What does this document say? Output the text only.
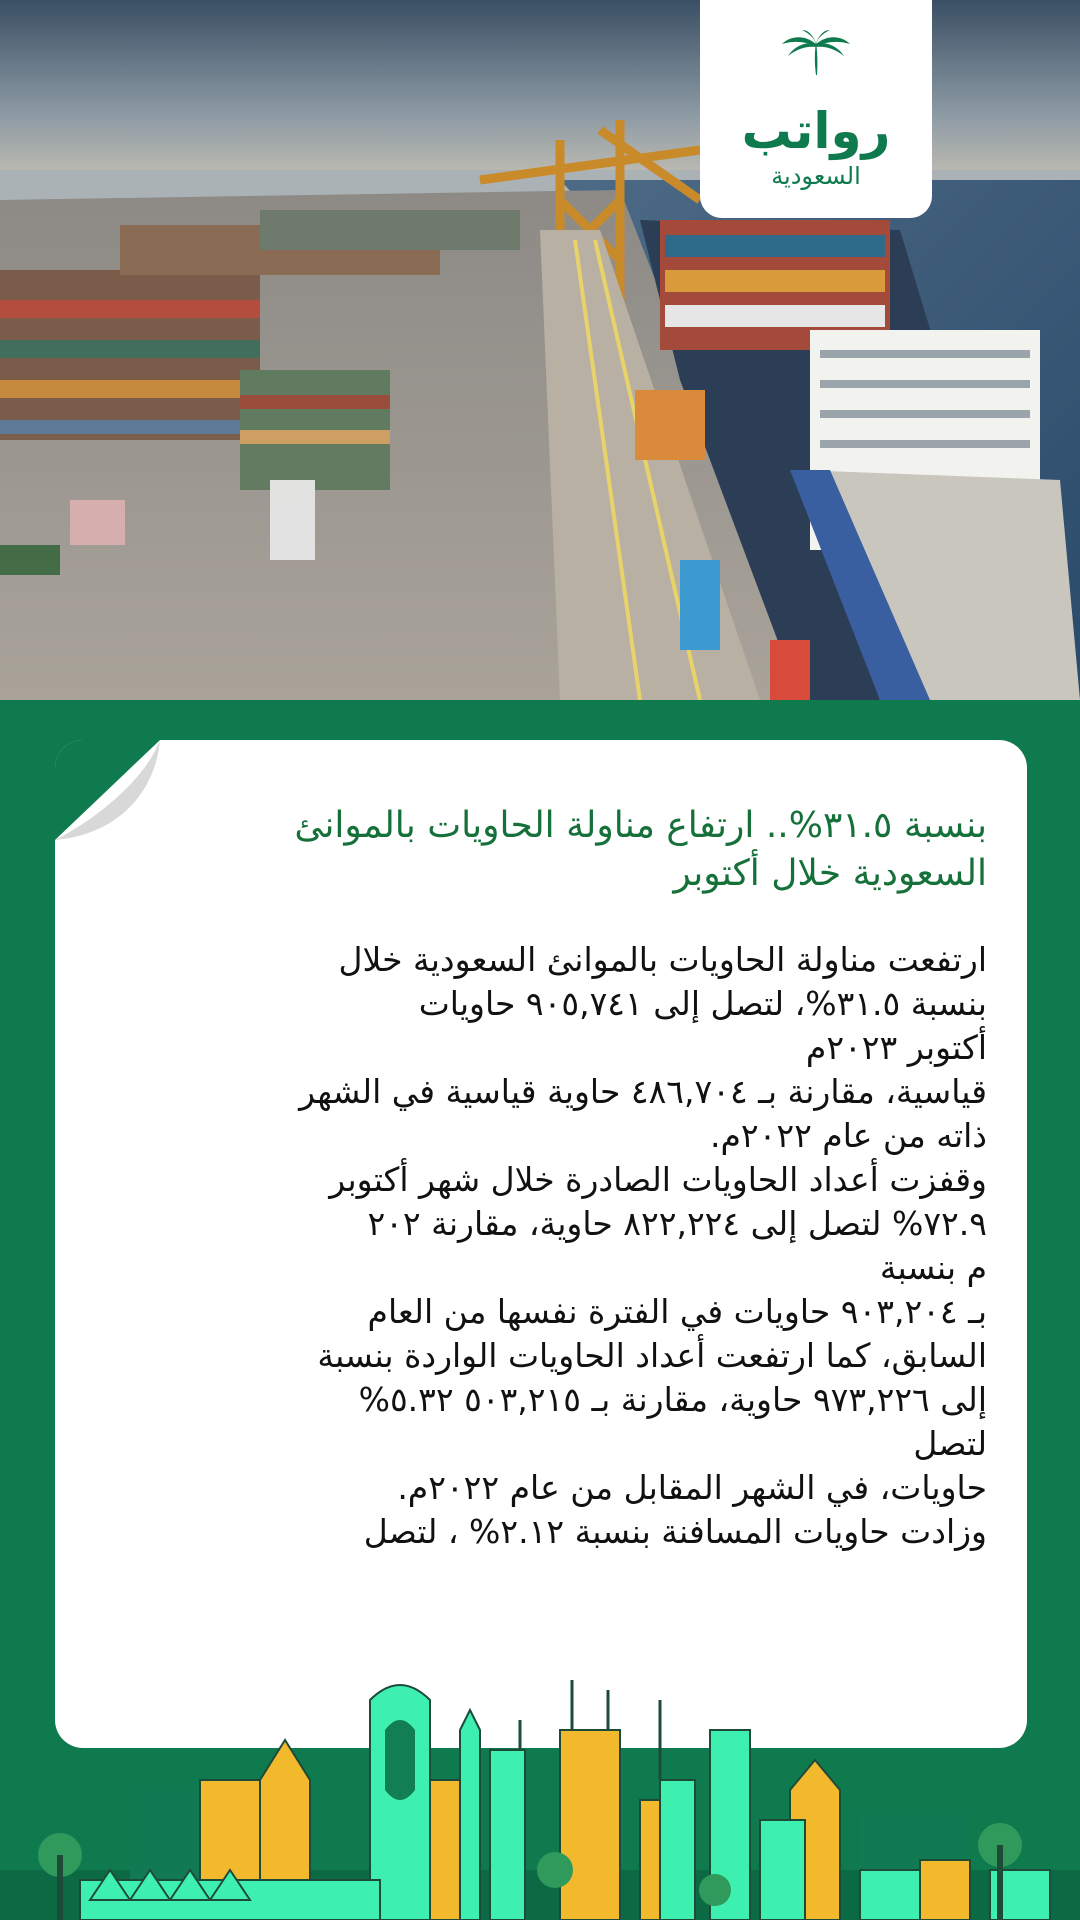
رواتب
السعودية
بنسبة ٣١.٥%.. ارتفاع مناولة الحاويات بالموانئ السعودية خلال أكتوبر
ارتفعت مناولة الحاويات بالموانئ السعودية خلال
بنسبة ٣١.٥%، لتصل إلى ٩٠٥,٧٤١ حاويات
أكتوبر ٢٠٢٣م
قياسية، مقارنة بـ ٤٨٦,٧٠٤ حاوية قياسية في الشهر
ذاته من عام ٢٠٢٢م.
وقفزت أعداد الحاويات الصادرة خلال شهر أكتوبر
٧٢.٩% لتصل إلى ٨٢٢,٢٢٤ حاوية، مقارنة ٢٠٢
م بنسبة
بـ ٩٠٣,٢٠٤ حاويات في الفترة نفسها من العام
السابق، كما ارتفعت أعداد الحاويات الواردة بنسبة
إلى ٩٧٣,٢٢٦ حاوية، مقارنة بـ ٥٠٣,٢١٥ ٥.٣٢%
لتصل
حاويات، في الشهر المقابل من عام ٢٠٢٢م.
وزادت حاويات المسافنة بنسبة ٢.١٢% ، لتصل
